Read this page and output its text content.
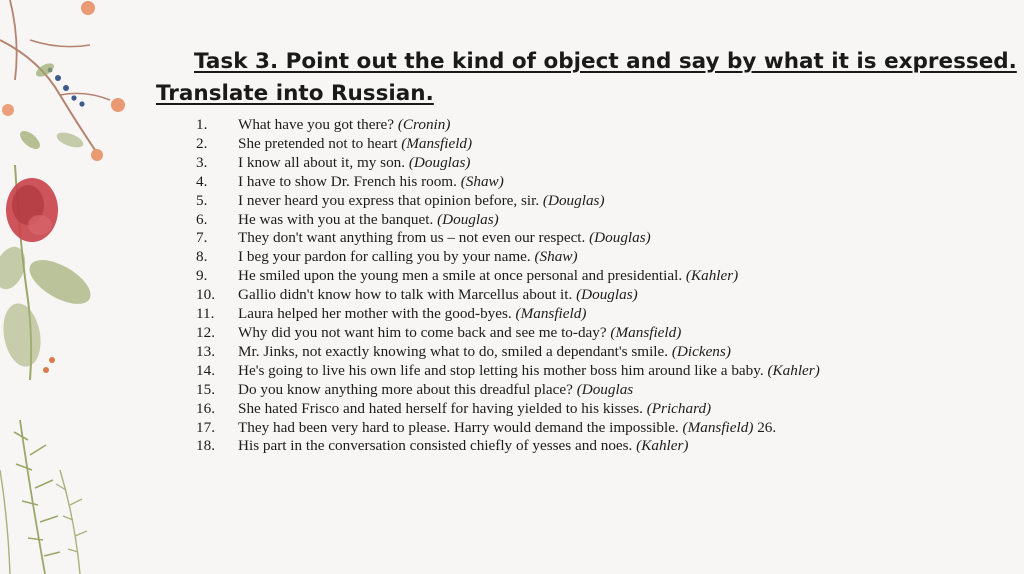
Task 3. Point out the kind of object and say by what it is expressed.
Translate into Russian.
1.	What have you got there? (Cronin)
2.	She pretended not to heart (Mansfield)
3.	I know all about it, my son. (Douglas)
4.	I have to show Dr. French his room. (Shaw)
5.	I never heard you express that opinion before, sir. (Douglas)
6.	He was with you at the banquet. (Douglas)
7.	They don't want anything from us – not even our respect. (Douglas)
8.	I beg your pardon for calling you by your name. (Shaw)
9.	He smiled upon the young men a smile at once personal and presidential. (Kahler)
10.	Gallio didn't know how to talk with Marcellus about it. (Douglas)
11.	Laura helped her mother with the good-byes. (Mansfield)
12.	Why did you not want him to come back and see me to-day? (Mansfield)
13.	Mr. Jinks, not exactly knowing what to do, smiled a dependant's smile. (Dickens)
14.	He's going to live his own life and stop letting his mother boss him around like a baby. (Kahler)
15.	Do you know anything more about this dreadful place? (Douglas
16.	She hated Frisco and hated herself for having yielded to his kisses. (Prichard)
17.	They had been very hard to please. Harry would demand the impossible. (Mansfield) 26.
18.	His part in the conversation consisted chiefly of yesses and noes. (Kahler)
